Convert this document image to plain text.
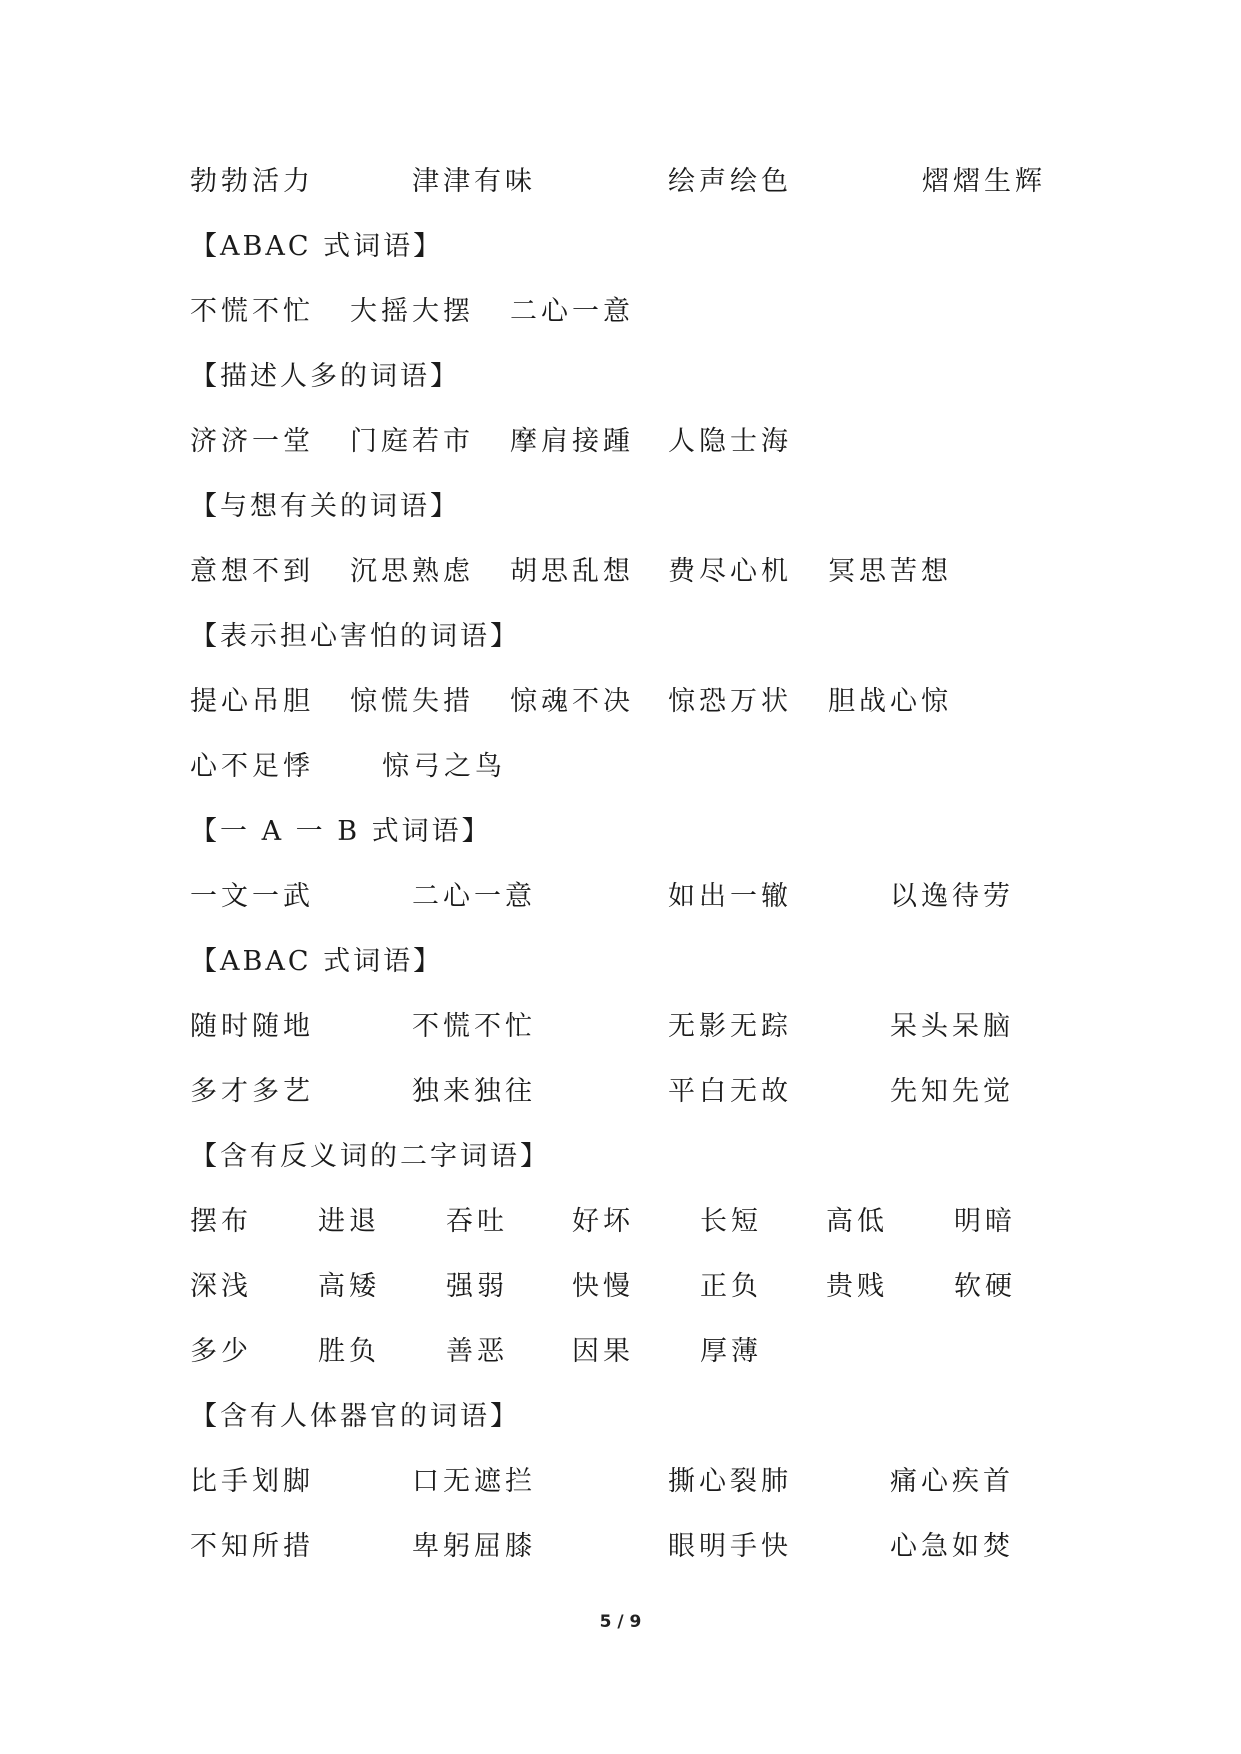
勃勃活力	津津有味	绘声绘色	熠熠生辉
【ABAC 式词语】
不慌不忙 大摇大摆 二心一意
【描述人多的词语】
济济一堂 门庭若市 摩肩接踵 人隐士海
【与想有关的词语】
意想不到 沉思熟虑 胡思乱想 费尽心机 冥思苦想
【表示担心害怕的词语】
提心吊胆 惊慌失措 惊魂不决 惊恐万状 胆战心惊
心不足悸	惊弓之鸟
【一 A 一 B 式词语】
一文一武	二心一意	如出一辙	以逸待劳
【ABAC 式词语】
随时随地	不慌不忙	无影无踪	呆头呆脑
多才多艺	独来独往	平白无故	先知先觉
【含有反义词的二字词语】
摆布 进退 吞吐 好坏 长短 高低 明暗
深浅 高矮 强弱 快慢 正负 贵贱 软硬
多少 胜负 善恶 因果 厚薄
【含有人体器官的词语】
比手划脚	口无遮拦	撕心裂肺	痛心疾首
不知所措	卑躬屈膝	眼明手快	心急如焚
5 / 9
